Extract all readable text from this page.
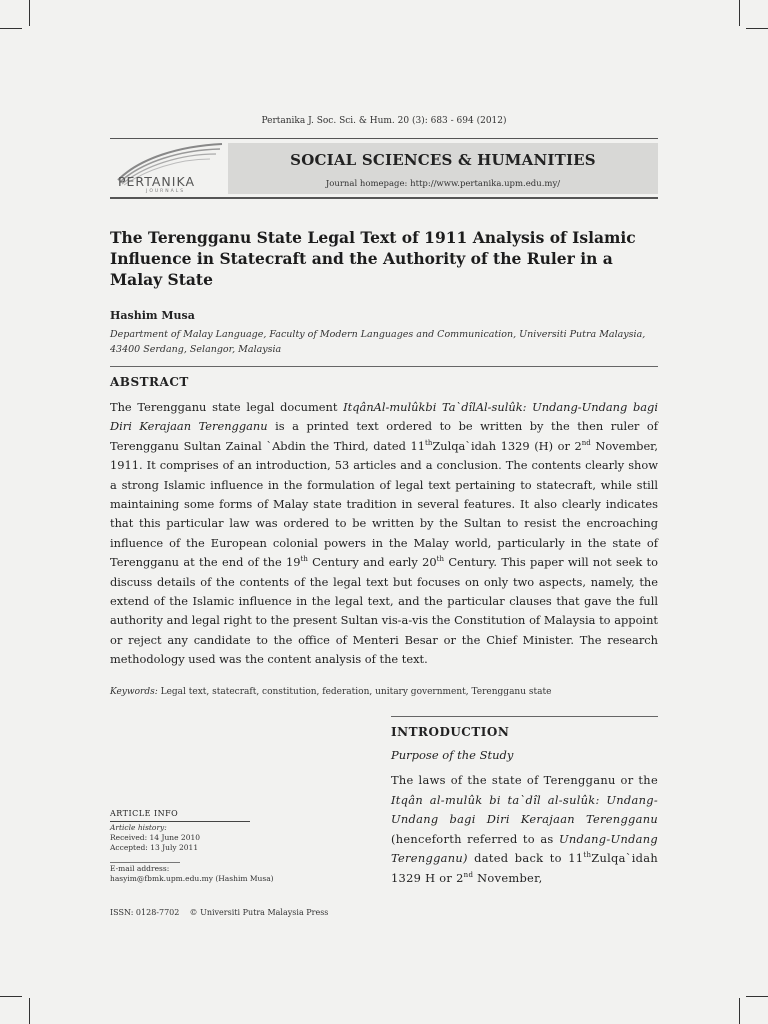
Pertanika J. Soc. Sci. & Hum. 20 (3): 683 - 694 (2012)
PERTANIKA
JOURNALS
SOCIAL SCIENCES & HUMANITIES
Journal homepage: http://www.pertanika.upm.edu.my/
The Terengganu State Legal Text of 1911 Analysis of Islamic Influence in Statecraft and the Authority of the Ruler in a Malay State
Hashim Musa
Department of Malay Language, Faculty of Modern Languages and Communication, Universiti Putra Malaysia, 43400 Serdang, Selangor, Malaysia
ABSTRACT
The Terengganu state legal document ItqânAl-mulûkbi Ta`dîlAl-sulûk: Undang-Undang bagi Diri Kerajaan Terengganu is a printed text ordered to be written by the then ruler of Terengganu Sultan Zainal `Abdin the Third, dated 11thZulqa`idah 1329 (H) or 2nd November, 1911. It comprises of an introduction, 53 articles and a conclusion. The contents clearly show a strong Islamic influence in the formulation of legal text pertaining to statecraft, while still maintaining some forms of Malay state tradition in several features. It also clearly indicates that this particular law was ordered to be written by the Sultan to resist the encroaching influence of the European colonial powers in the Malay world, particularly in the state of Terengganu at the end of the 19th Century and early 20th Century. This paper will not seek to discuss details of the contents of the legal text but focuses on only two aspects, namely, the extend of the Islamic influence in the legal text, and the particular clauses that gave the full authority and legal right to the present Sultan vis-a-vis the Constitution of Malaysia to appoint or reject any candidate to the office of Menteri Besar or the Chief Minister. The research methodology used was the content analysis of the text.
Keywords: Legal text, statecraft, constitution, federation, unitary government, Terengganu state
INTRODUCTION
Purpose of the Study
The laws of the state of Terengganu or the Itqân al-mulûk bi ta`dîl al-sulûk: Undang-Undang bagi Diri Kerajaan Terengganu (henceforth referred to as Undang-Undang Terengganu) dated back to 11thZulqa`idah 1329 H or 2nd November,
ARTICLE INFO
Article history:
Received: 14 June 2010
Accepted: 13 July 2011
E-mail address:
hasyim@fbmk.upm.edu.my (Hashim Musa)
ISSN: 0128-7702    © Universiti Putra Malaysia Press
